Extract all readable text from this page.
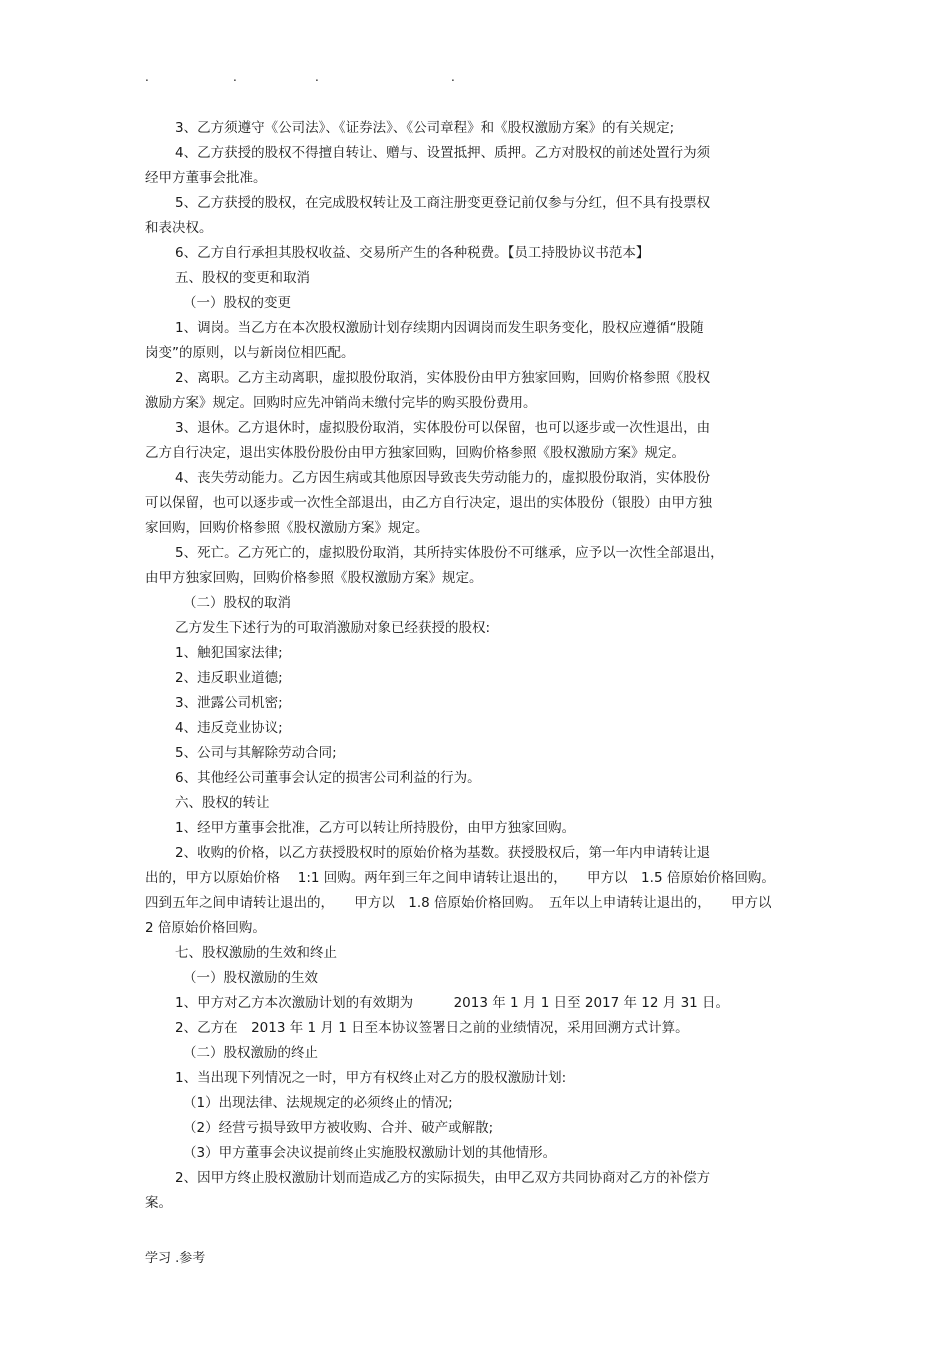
.	.	.	.
3、乙方须遵守《公司法》、《证券法》、《公司章程》和《股权激励方案》的有关规定;
4、乙方获授的股权不得擅自转让、赠与、设置抵押、质押。乙方对股权的前述处置行为须
经甲方董事会批准。
5、乙方获授的股权，在完成股权转让及工商注册变更登记前仅参与分红，但不具有投票权
和表决权。
6、乙方自行承担其股权收益、交易所产生的各种税费。【员工持股协议书范本】
五、股权的变更和取消
（一）股权的变更
1、调岗。当乙方在本次股权激励计划存续期内因调岗而发生职务变化，股权应遵循“股随
岗变”的原则，以与新岗位相匹配。
2、离职。乙方主动离职，虚拟股份取消，实体股份由甲方独家回购，回购价格参照《股权
激励方案》规定。回购时应先冲销尚未缴付完毕的购买股份费用。
3、退休。乙方退休时，虚拟股份取消，实体股份可以保留，也可以逐步或一次性退出，由
乙方自行决定，退出实体股份股份由甲方独家回购，回购价格参照《股权激励方案》规定。
4、丧失劳动能力。乙方因生病或其他原因导致丧失劳动能力的，虚拟股份取消，实体股份
可以保留，也可以逐步或一次性全部退出，由乙方自行决定，退出的实体股份（银股）由甲方独
家回购，回购价格参照《股权激励方案》规定。
5、死亡。乙方死亡的，虚拟股份取消，其所持实体股份不可继承，应予以一次性全部退出，
由甲方独家回购，回购价格参照《股权激励方案》规定。
（二）股权的取消
乙方发生下述行为的可取消激励对象已经获授的股权:
1、触犯国家法律;
2、违反职业道德;
3、泄露公司机密;
4、违反竞业协议;
5、公司与其解除劳动合同;
6、其他经公司董事会认定的损害公司利益的行为。
六、股权的转让
1、经甲方董事会批准，乙方可以转让所持股份，由甲方独家回购。
2、收购的价格，以乙方获授股权时的原始价格为基数。获授股权后，第一年内申请转让退
出的，甲方以原始价格　 1:1 回购。两年到三年之间申请转让退出的，　　甲方以　1.5 倍原始价格回购。
四到五年之间申请转让退出的，　　甲方以　1.8 倍原始价格回购。　五年以上申请转让退出的，　　甲方以
2 倍原始价格回购。
七、股权激励的生效和终止
（一）股权激励的生效
1、甲方对乙方本次激励计划的有效期为　　　2013 年 1 月 1 日至 2017 年 12 月 31 日。
2、乙方在　2013 年 1 月 1 日至本协议签署日之前的业绩情况，采用回溯方式计算。
（二）股权激励的终止
1、当出现下列情况之一时，甲方有权终止对乙方的股权激励计划:
（1）出现法律、法规规定的必须终止的情况;
（2）经营亏损导致甲方被收购、合并、破产或解散;
（3）甲方董事会决议提前终止实施股权激励计划的其他情形。
2、因甲方终止股权激励计划而造成乙方的实际损失，由甲乙双方共同协商对乙方的补偿方
案。
学习 .参考
